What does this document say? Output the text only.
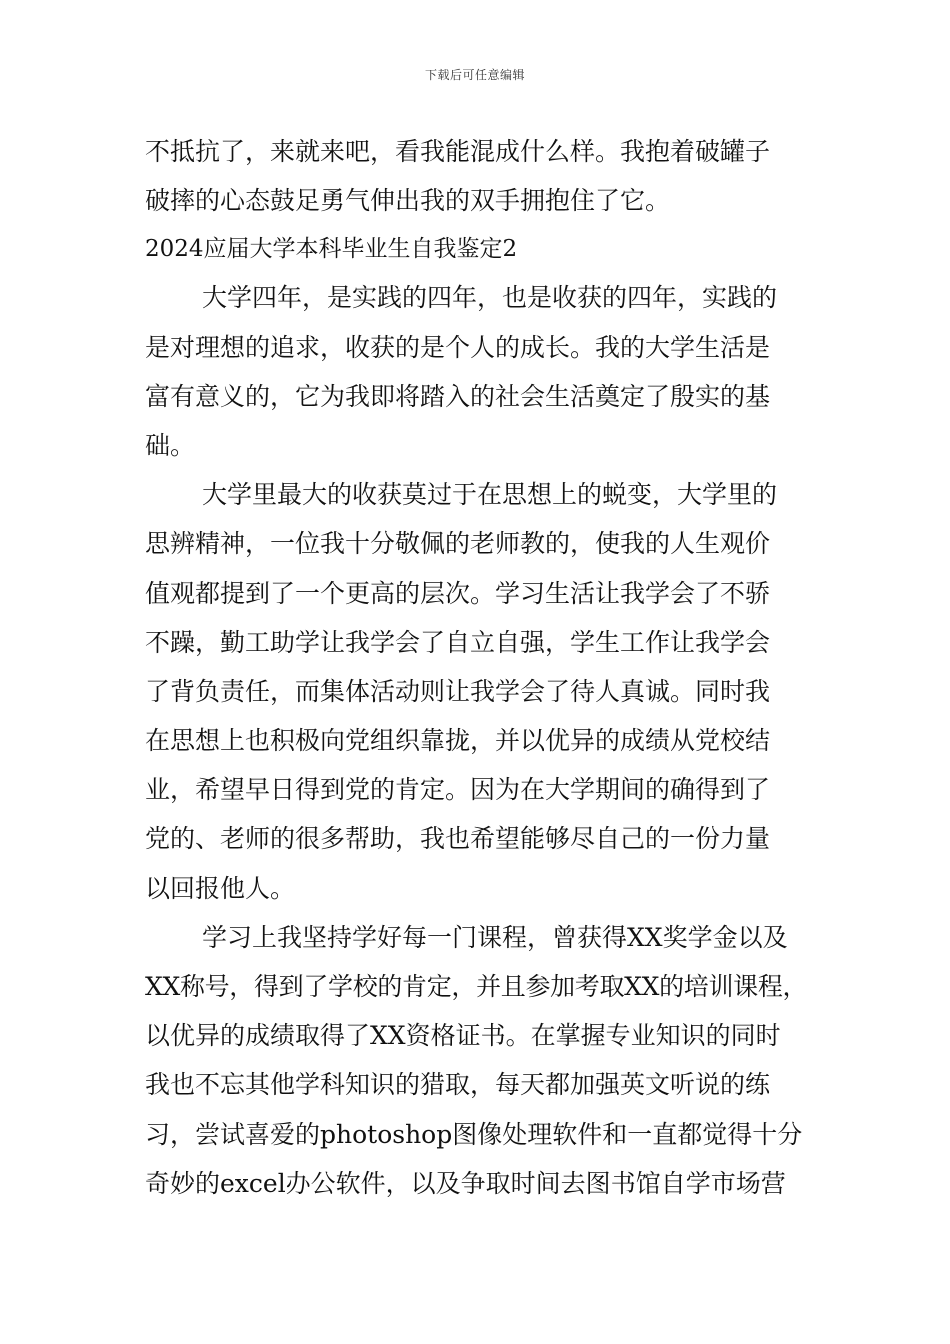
下载后可任意编辑
不抵抗了，来就来吧，看我能混成什么样。我抱着破罐子
破摔的心态鼓足勇气伸出我的双手拥抱住了它。
2024应届大学本科毕业生自我鉴定2
大学四年，是实践的四年，也是收获的四年，实践的
是对理想的追求，收获的是个人的成长。我的大学生活是
富有意义的，它为我即将踏入的社会生活奠定了殷实的基
础。
大学里最大的收获莫过于在思想上的蜕变，大学里的
思辨精神，一位我十分敬佩的老师教的，使我的人生观价
值观都提到了一个更高的层次。学习生活让我学会了不骄
不躁，勤工助学让我学会了自立自强，学生工作让我学会
了背负责任，而集体活动则让我学会了待人真诚。同时我
在思想上也积极向党组织靠拢，并以优异的成绩从党校结
业，希望早日得到党的肯定。因为在大学期间的确得到了
党的、老师的很多帮助，我也希望能够尽自己的一份力量
以回报他人。
学习上我坚持学好每一门课程，曾获得XX奖学金以及
XX称号，得到了学校的肯定，并且参加考取XX的培训课程，
以优异的成绩取得了XX资格证书。在掌握专业知识的同时
我也不忘其他学科知识的猎取，每天都加强英文听说的练
习，尝试喜爱的photoshop图像处理软件和一直都觉得十分
奇妙的excel办公软件，以及争取时间去图书馆自学市场营
